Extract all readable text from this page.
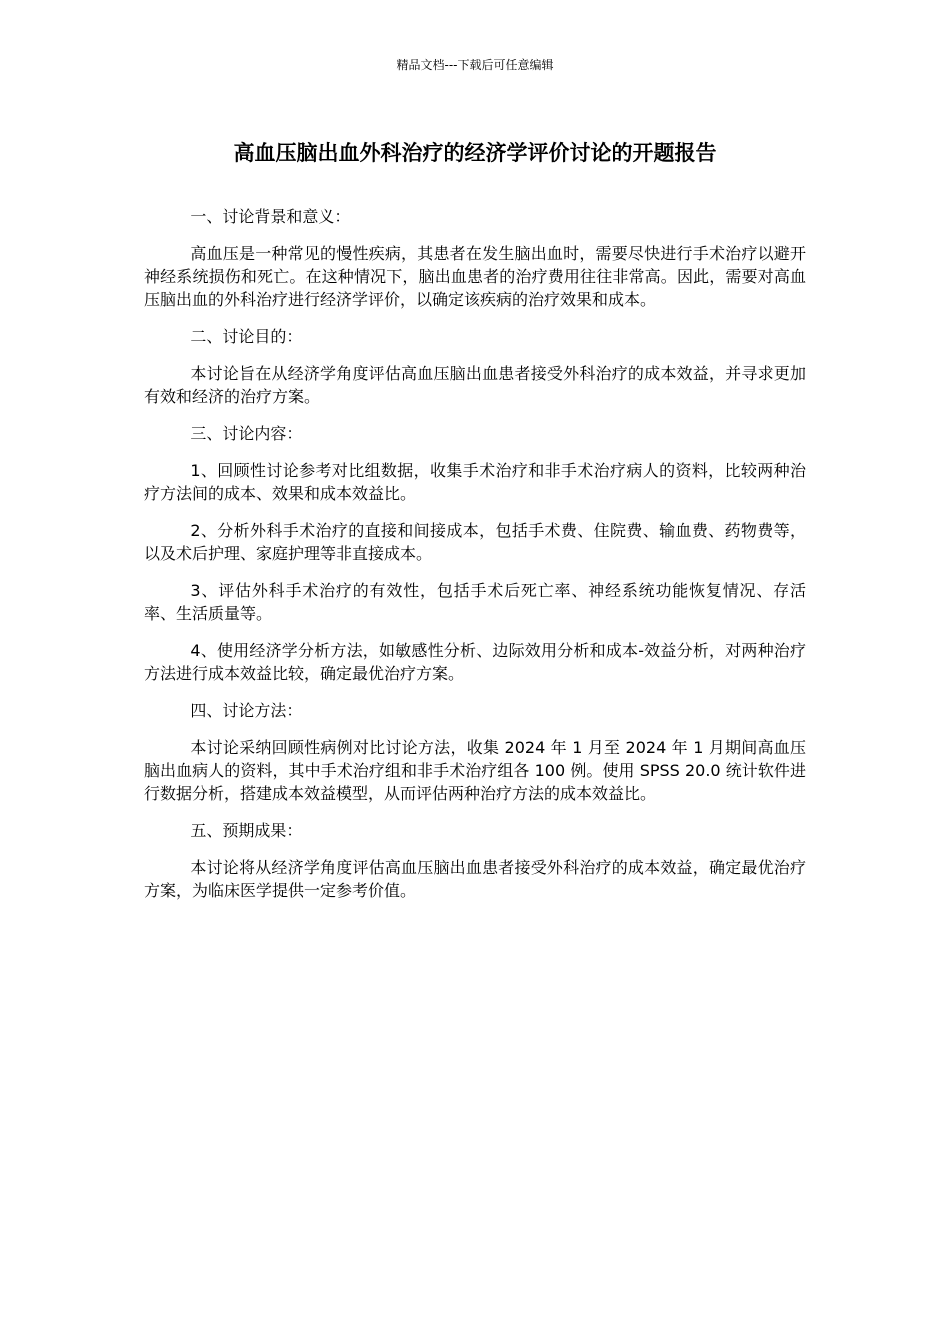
精品文档---下载后可任意编辑
高血压脑出血外科治疗的经济学评价讨论的开题报告

一、讨论背景和意义：

高血压是一种常见的慢性疾病，其患者在发生脑出血时，需要尽快进行手术治疗以避开神经系统损伤和死亡。在这种情况下，脑出血患者的治疗费用往往非常高。因此，需要对高血压脑出血的外科治疗进行经济学评价，以确定该疾病的治疗效果和成本。

二、讨论目的：

本讨论旨在从经济学角度评估高血压脑出血患者接受外科治疗的成本效益，并寻求更加有效和经济的治疗方案。

三、讨论内容：

1、回顾性讨论参考对比组数据，收集手术治疗和非手术治疗病人的资料，比较两种治疗方法间的成本、效果和成本效益比。

2、分析外科手术治疗的直接和间接成本，包括手术费、住院费、输血费、药物费等，以及术后护理、家庭护理等非直接成本。

3、评估外科手术治疗的有效性，包括手术后死亡率、神经系统功能恢复情况、存活率、生活质量等。

4、使用经济学分析方法，如敏感性分析、边际效用分析和成本-效益分析，对两种治疗方法进行成本效益比较，确定最优治疗方案。

四、讨论方法：

本讨论采纳回顾性病例对比讨论方法，收集 2024 年 1 月至 2024 年 1 月期间高血压脑出血病人的资料，其中手术治疗组和非手术治疗组各 100 例。使用 SPSS 20.0 统计软件进行数据分析，搭建成本效益模型，从而评估两种治疗方法的成本效益比。

五、预期成果：

本讨论将从经济学角度评估高血压脑出血患者接受外科治疗的成本效益，确定最优治疗方案，为临床医学提供一定参考价值。
